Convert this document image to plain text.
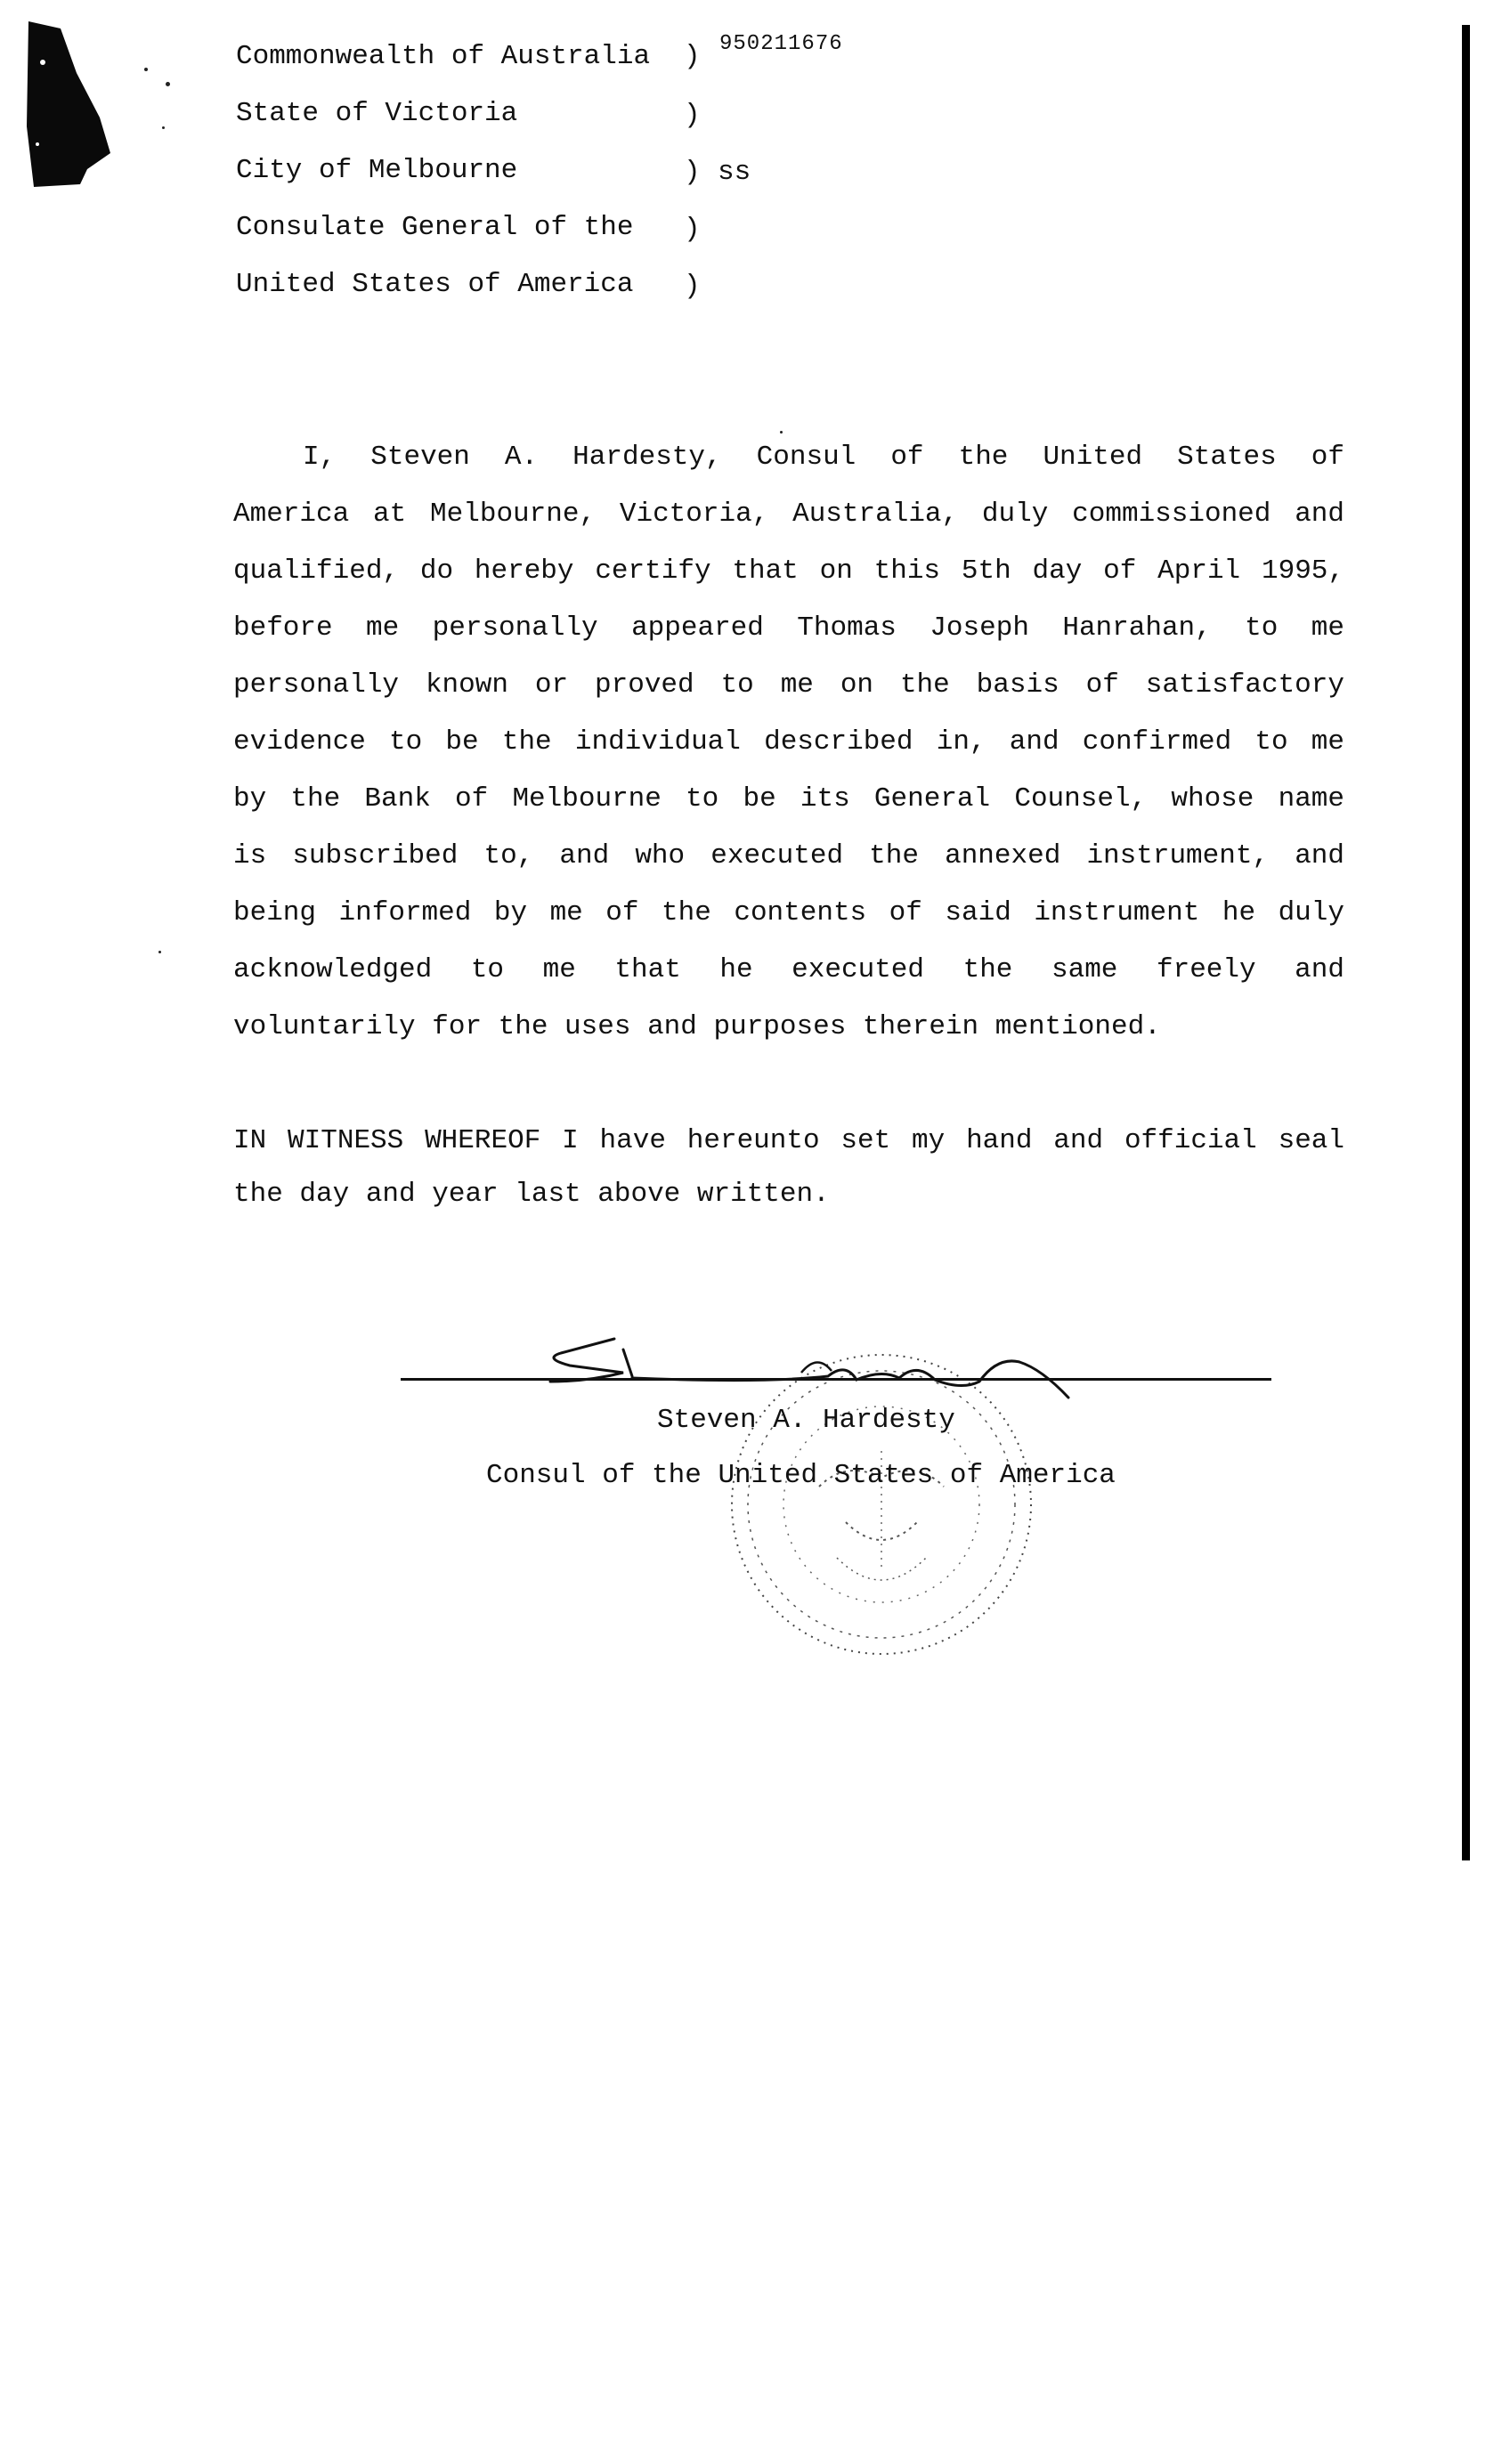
950211676
Commonwealth of Australia )
State of Victoria	)
City of Melbourne	) ss
Consulate General of the )
United States of America )
I, Steven A. Hardesty, Consul of the United States of
America at Melbourne, Victoria, Australia, duly commissioned and
qualified, do hereby certify that on this 5th day of April 1995,
before me personally appeared Thomas Joseph Hanrahan, to me
personally known or proved to me on the basis of satisfactory
evidence to be the individual described in, and confirmed to me
by the Bank of Melbourne to be its General Counsel, whose name
is subscribed to, and who executed the annexed instrument, and
being informed by me of the contents of said instrument he duly
acknowledged to me that he executed the same freely and
voluntarily for the uses and purposes therein mentioned.
IN WITNESS WHEREOF I have hereunto set my hand and official seal
the day and year last above written.
Steven A. Hardesty
Consul of the United States of America
